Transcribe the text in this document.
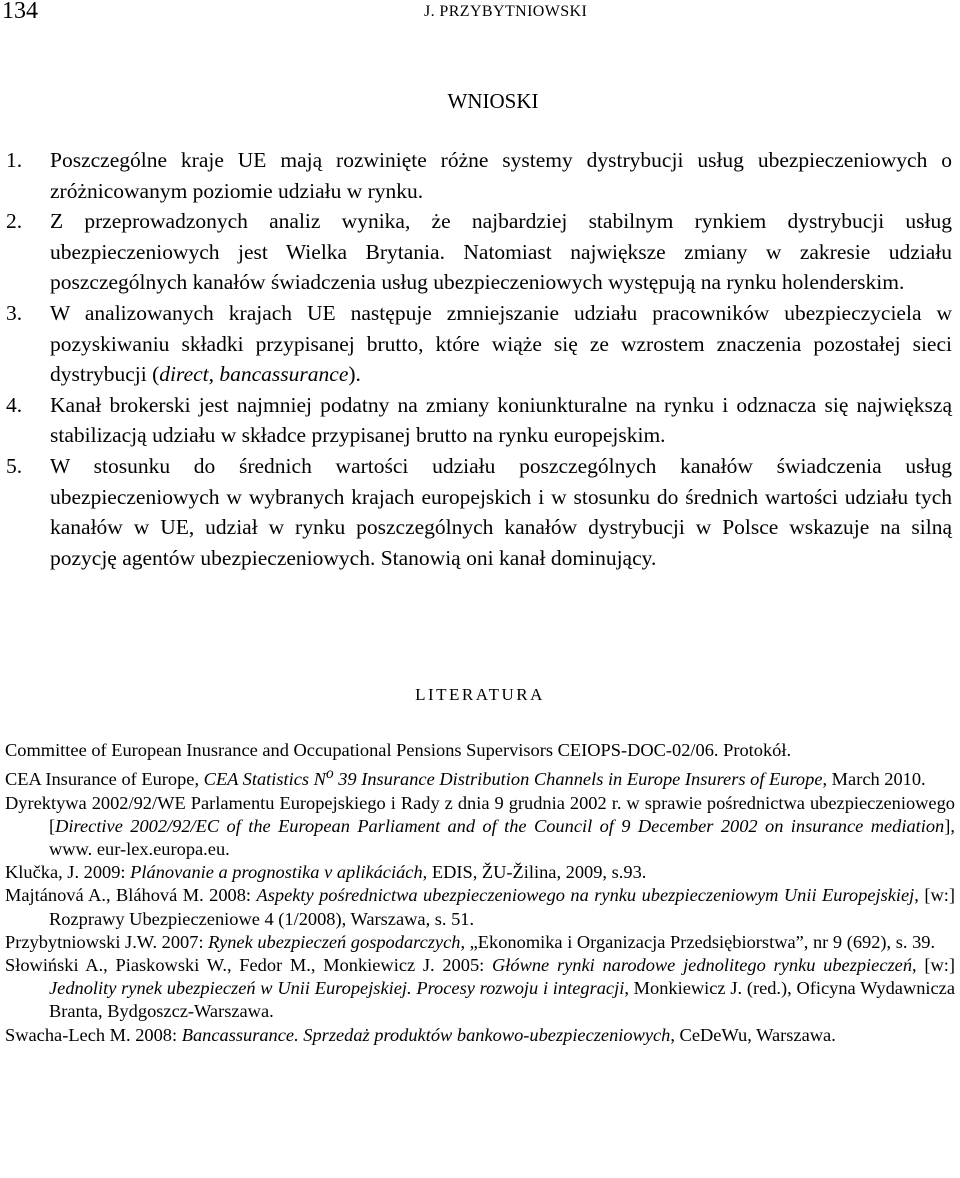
134	J. PRZYBYTNIOWSKI
WNIOSKI
1. Poszczególne kraje UE mają rozwinięte różne systemy dystrybucji usług ubezpieczeniowych o zróżnicowanym poziomie udziału w rynku.
2. Z przeprowadzonych analiz wynika, że najbardziej stabilnym rynkiem dystrybucji usług ubezpieczeniowych jest Wielka Brytania. Natomiast największe zmiany w zakresie udziału poszczególnych kanałów świadczenia usług ubezpieczeniowych występują na rynku holenderskim.
3. W analizowanych krajach UE następuje zmniejszanie udziału pracowników ubezpieczyciela w pozyskiwaniu składki przypisanej brutto, które wiąże się ze wzrostem znaczenia pozostałej sieci dystrybucji (direct, bancassurance).
4. Kanał brokerski jest najmniej podatny na zmiany koniunkturalne na rynku i odznacza się największą stabilizacją udziału w składce przypisanej brutto na rynku europejskim.
5. W stosunku do średnich wartości udziału poszczególnych kanałów świadczenia usług ubezpieczeniowych w wybranych krajach europejskich i w stosunku do średnich wartości udziału tych kanałów w UE, udział w rynku poszczególnych kanałów dystrybucji w Polsce wskazuje na silną pozycję agentów ubezpieczeniowych. Stanowią oni kanał dominujący.
LITERATURA
Committee of European Inusrance and Occupational Pensions Supervisors CEIOPS-DOC-02/06. Protokół.
CEA Insurance of Europe, CEA Statistics $N^o$ 39 Insurance Distribution Channels in Europe Insurers of Europe, March 2010.
Dyrektywa 2002/92/WE Parlamentu Europejskiego i Rady z dnia 9 grudnia 2002 r. w sprawie pośrednictwa ubezpieczeniowego [Directive 2002/92/EC of the European Parliament and of the Council of 9 December 2002 on insurance mediation], www. eur-lex.europa.eu.
Klučka, J. 2009: Plánovanie a prognostika v aplikáciách, EDIS, ŽU-Žilina, 2009, s.93.
Majtánová A., Bláhová M. 2008: Aspekty pośrednictwa ubezpieczeniowego na rynku ubezpieczeniowym Unii Europejskiej, [w:] Rozprawy Ubezpieczeniowe 4 (1/2008), Warszawa, s. 51.
Przybytniowski J.W. 2007: Rynek ubezpieczeń gospodarczych, „Ekonomika i Organizacja Przedsiębiorstwa”, nr 9 (692), s. 39.
Słowiński A., Piaskowski W., Fedor M., Monkiewicz J. 2005: Główne rynki narodowe jednolitego rynku ubezpieczeń, [w:] Jednolity rynek ubezpieczeń w Unii Europejskiej. Procesy rozwoju i integracji, Monkiewicz J. (red.), Oficyna Wydawnicza Branta, Bydgoszcz-Warszawa.
Swacha-Lech M. 2008: Bancassurance. Sprzedaż produktów bankowo-ubezpieczeniowych, CeDeWu, Warszawa.
